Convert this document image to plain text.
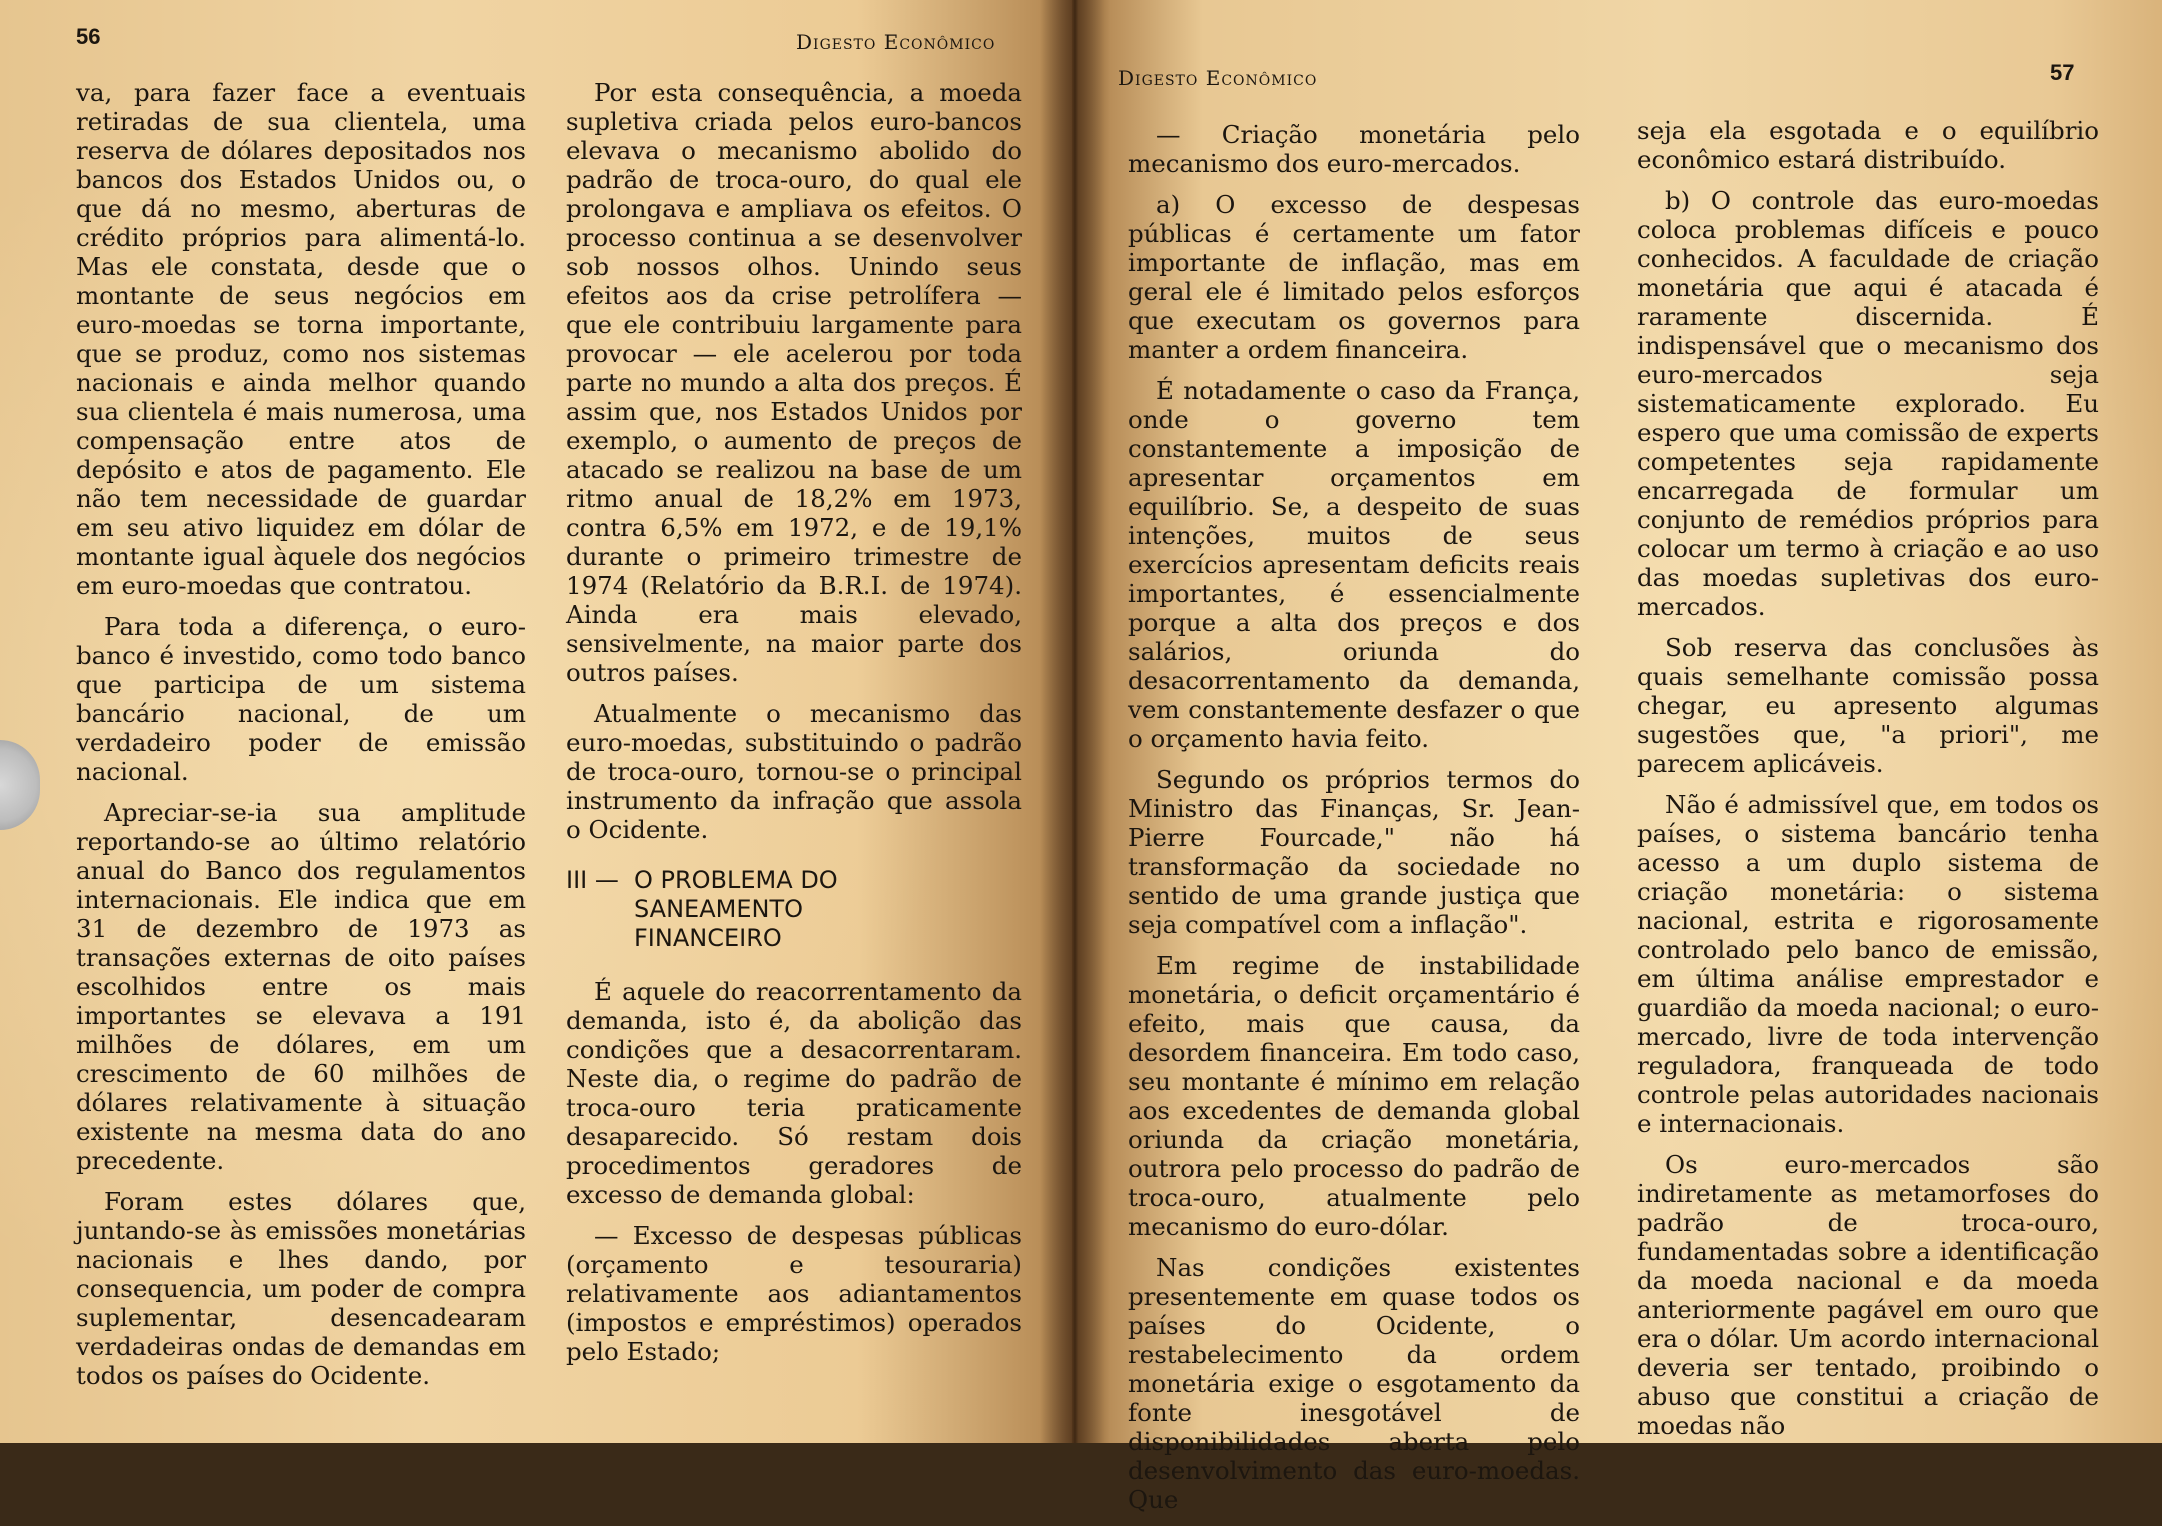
56	Digesto Econômico

va, para fazer face a eventuais retiradas de sua clientela, uma reserva de dólares depositados nos bancos dos Estados Unidos ou, o que dá no mesmo, aberturas de crédito próprios para alimentá-lo. Mas ele constata, desde que o montante de seus negócios em euro-moedas se torna importante, que se produz, como nos sistemas nacionais e ainda melhor quando sua clientela é mais numerosa, uma compensação entre atos de depósito e atos de pagamento. Ele não tem necessidade de guardar em seu ativo liquidez em dólar de montante igual àquele dos negócios em euro-moedas que contratou.

Para toda a diferença, o euro-banco é investido, como todo banco que participa de um sistema bancário nacional, de um verdadeiro poder de emissão nacional.

Apreciar-se-ia sua amplitude reportando-se ao último relatório anual do Banco dos regulamentos internacionais. Ele indica que em 31 de dezembro de 1973 as transações externas de oito países escolhidos entre os mais importantes se elevava a 191 milhões de dólares, em um crescimento de 60 milhões de dólares relativamente à situação existente na mesma data do ano precedente.

Foram estes dólares que, juntando-se às emissões monetárias nacionais e lhes dando, por consequencia, um poder de compra suplementar, desencadearam verdadeiras ondas de demandas em todos os países do Ocidente.

Por esta consequência, a moeda supletiva criada pelos euro-bancos elevava o mecanismo abolido do padrão de troca-ouro, do qual ele prolongava e ampliava os efeitos. O processo continua a se desenvolver sob nossos olhos. Unindo seus efeitos aos da crise petrolífera — que ele contribuiu largamente para provocar — ele acelerou por toda parte no mundo a alta dos preços. É assim que, nos Estados Unidos por exemplo, o aumento de preços de atacado se realizou na base de um ritmo anual de 18,2% em 1973, contra 6,5% em 1972, e de 19,1% durante o primeiro trimestre de 1974 (Relatório da B.R.I. de 1974). Ainda era mais elevado, sensivelmente, na maior parte dos outros países.

Atualmente o mecanismo das euro-moedas, substituindo o padrão de troca-ouro, tornou-se o principal instrumento da infração que assola o Ocidente.

III — O PROBLEMA DO
SANEAMENTO
FINANCEIRO

É aquele do reacorrentamento da demanda, isto é, da abolição das condições que a desacorrentaram. Neste dia, o regime do padrão de troca-ouro teria praticamente desaparecido. Só restam dois procedimentos geradores de excesso de demanda global:

— Excesso de despesas públicas (orçamento e tesouraria) relativamente aos adiantamentos (impostos e empréstimos) operados pelo Estado;

Digesto Econômico	57

— Criação monetária pelo mecanismo dos euro-mercados.

a) O excesso de despesas públicas é certamente um fator importante de inflação, mas em geral ele é limitado pelos esforços que executam os governos para manter a ordem financeira.

É notadamente o caso da França, onde o governo tem constantemente a imposição de apresentar orçamentos em equilíbrio. Se, a despeito de suas intenções, muitos de seus exercícios apresentam deficits reais importantes, é essencialmente porque a alta dos preços e dos salários, oriunda do desacorrentamento da demanda, vem constantemente desfazer o que o orçamento havia feito.

Segundo os próprios termos do Ministro das Finanças, Sr. Jean-Pierre Fourcade," não há transformação da sociedade no sentido de uma grande justiça que seja compatível com a inflação".

Em regime de instabilidade monetária, o deficit orçamentário é efeito, mais que causa, da desordem financeira. Em todo caso, seu montante é mínimo em relação aos excedentes de demanda global oriunda da criação monetária, outrora pelo processo do padrão de troca-ouro, atualmente pelo mecanismo do euro-dólar.

Nas condições existentes presentemente em quase todos os países do Ocidente, o restabelecimento da ordem monetária exige o esgotamento da fonte inesgotável de disponibilidades aberta pelo desenvolvimento das euro-moedas. Que

seja ela esgotada e o equilíbrio econômico estará distribuído.

b) O controle das euro-moedas coloca problemas difíceis e pouco conhecidos. A faculdade de criação monetária que aqui é atacada é raramente discernida. É indispensável que o mecanismo dos euro-mercados seja sistematicamente explorado. Eu espero que uma comissão de experts competentes seja rapidamente encarregada de formular um conjunto de remédios próprios para colocar um termo à criação e ao uso das moedas supletivas dos euro-mercados.

Sob reserva das conclusões às quais semelhante comissão possa chegar, eu apresento algumas sugestões que, "a priori", me parecem aplicáveis.

Não é admissível que, em todos os países, o sistema bancário tenha acesso a um duplo sistema de criação monetária: o sistema nacional, estrita e rigorosamente controlado pelo banco de emissão, em última análise emprestador e guardião da moeda nacional; o euro-mercado, livre de toda intervenção reguladora, franqueada de todo controle pelas autoridades nacionais e internacionais.

Os euro-mercados são indiretamente as metamorfoses do padrão de troca-ouro, fundamentadas sobre a identificação da moeda nacional e da moeda anteriormente pagável em ouro que era o dólar. Um acordo internacional deveria ser tentado, proibindo o abuso que constitui a criação de moedas não
